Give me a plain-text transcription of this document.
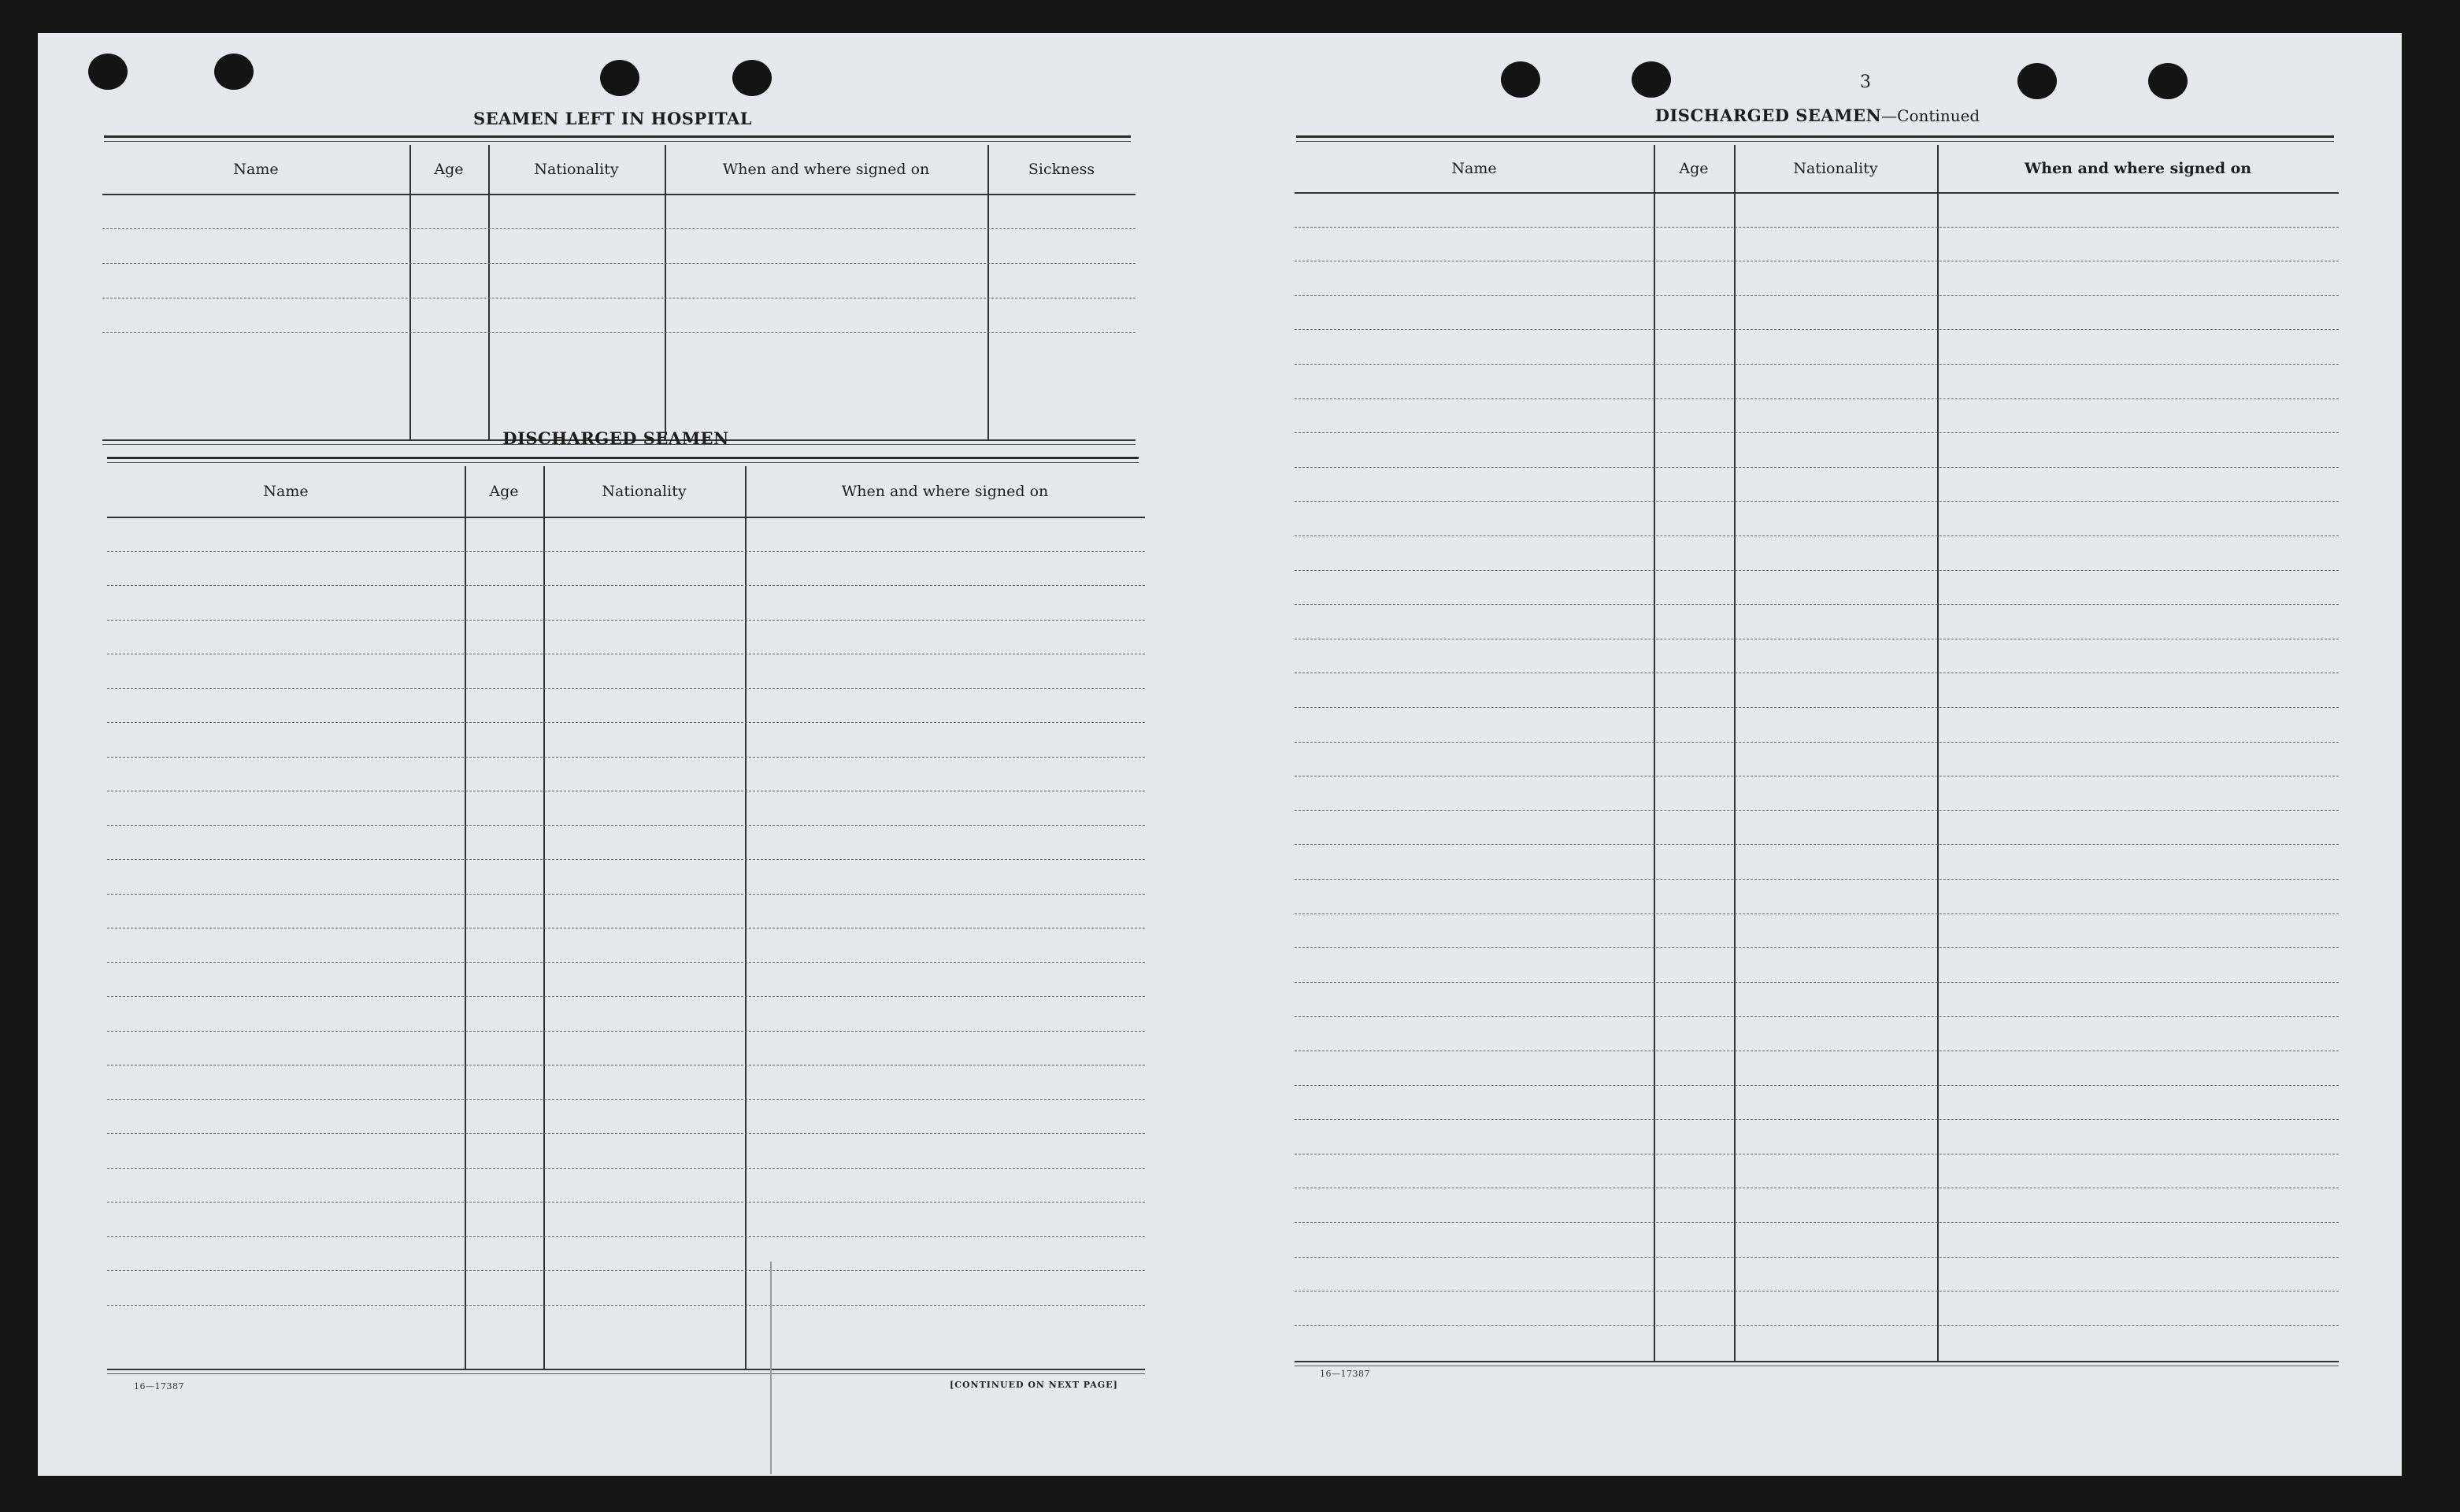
SEAMEN LEFT IN HOSPITAL
Name	Age	Nationality	When and where signed on	Sickness
DISCHARGED SEAMEN
Name	Age	Nationality	When and where signed on
16—17387	[CONTINUED ON NEXT PAGE]
3
DISCHARGED SEAMEN—Continued
Name	Age	Nationality	When and where signed on
16—17387
